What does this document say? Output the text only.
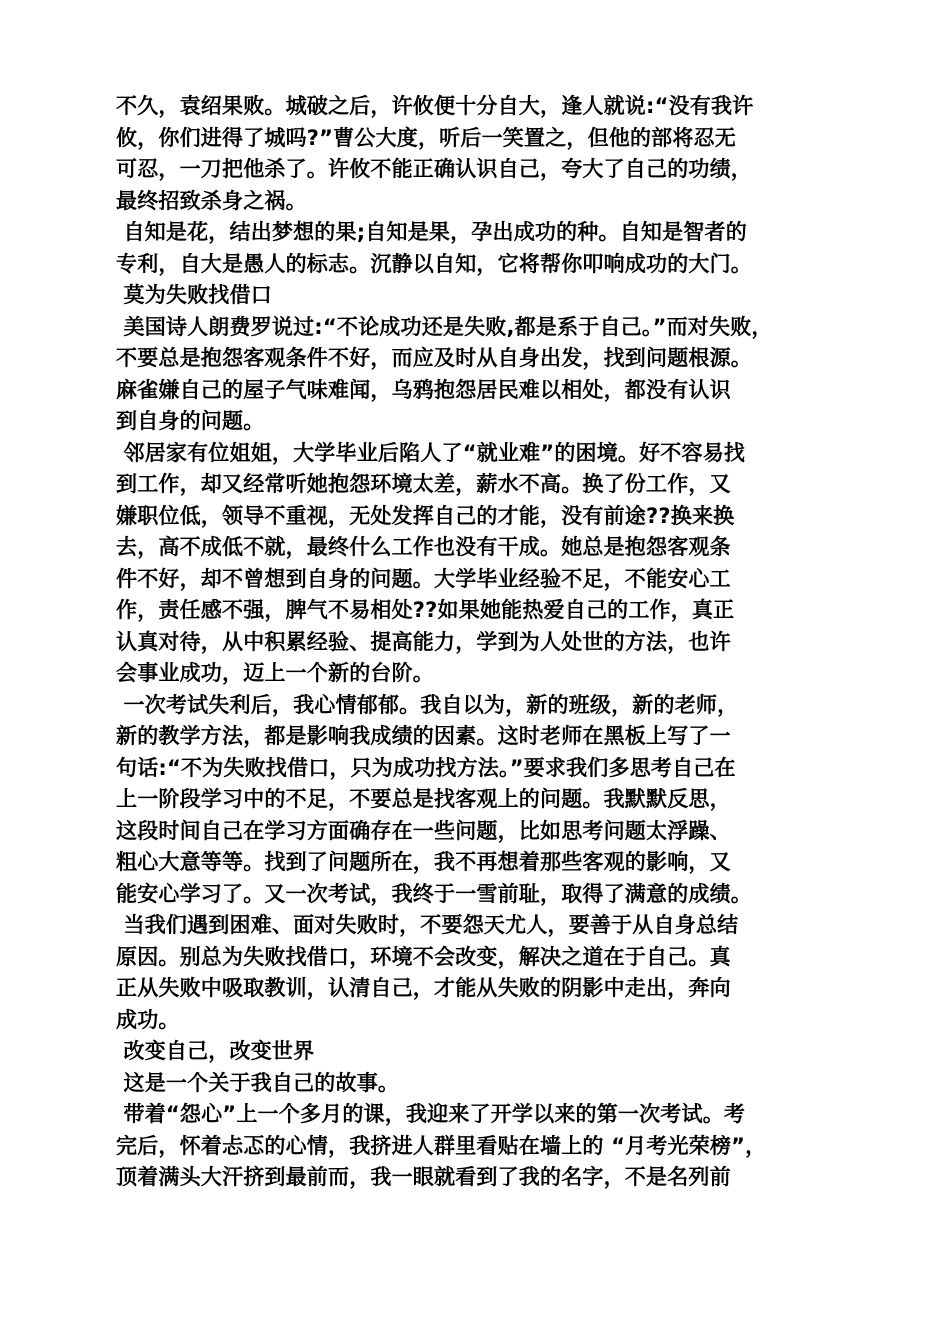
不久，袁绍果败。城破之后，许攸便十分自大，逢人就说:“没有我许
攸，你们进得了城吗?”曹公大度，听后一笑置之，但他的部将忍无
可忍，一刀把他杀了。许攸不能正确认识自己，夸大了自己的功绩，
最终招致杀身之祸。
自知是花，结出梦想的果;自知是果，孕出成功的种。自知是智者的
专利，自大是愚人的标志。沉静以自知，它将帮你叩响成功的大门。
莫为失败找借口
美国诗人朗费罗说过:“不论成功还是失败,都是系于自己。”而对失败，
不要总是抱怨客观条件不好，而应及时从自身出发，找到问题根源。
麻雀嫌自己的屋子气味难闻，乌鸦抱怨居民难以相处，都没有认识
到自身的问题。
邻居家有位姐姐，大学毕业后陷人了“就业难”的困境。好不容易找
到工作，却又经常听她抱怨环境太差，薪水不高。换了份工作，又
嫌职位低，领导不重视，无处发挥自己的才能，没有前途??换来换
去，高不成低不就，最终什么工作也没有干成。她总是抱怨客观条
件不好，却不曾想到自身的问题。大学毕业经验不足，不能安心工
作，责任感不强，脾气不易相处??如果她能热爱自己的工作，真正
认真对待，从中积累经验、提高能力，学到为人处世的方法，也许
会事业成功，迈上一个新的台阶。
一次考试失利后，我心情郁郁。我自以为，新的班级，新的老师，
新的教学方法，都是影响我成绩的因素。这时老师在黑板上写了一
句话:“不为失败找借口，只为成功找方法。”要求我们多思考自己在
上一阶段学习中的不足，不要总是找客观上的问题。我默默反思，
这段时间自己在学习方面确存在一些问题，比如思考问题太浮躁、
粗心大意等等。找到了问题所在，我不再想着那些客观的影响，又
能安心学习了。又一次考试，我终于一雪前耻，取得了满意的成绩。
当我们遇到困难、面对失败时，不要怨天尤人，要善于从自身总结
原因。别总为失败找借口，环境不会改变，解决之道在于自己。真
正从失败中吸取教训，认清自己，才能从失败的阴影中走出，奔向
成功。
改变自己，改变世界
这是一个关于我自己的故事。
带着“怨心”上一个多月的课，我迎来了开学以来的第一次考试。考
完后，怀着忐忑的心情，我挤进人群里看贴在墙上的 “月考光荣榜”，
顶着满头大汗挤到最前而，我一眼就看到了我的名字，不是名列前
